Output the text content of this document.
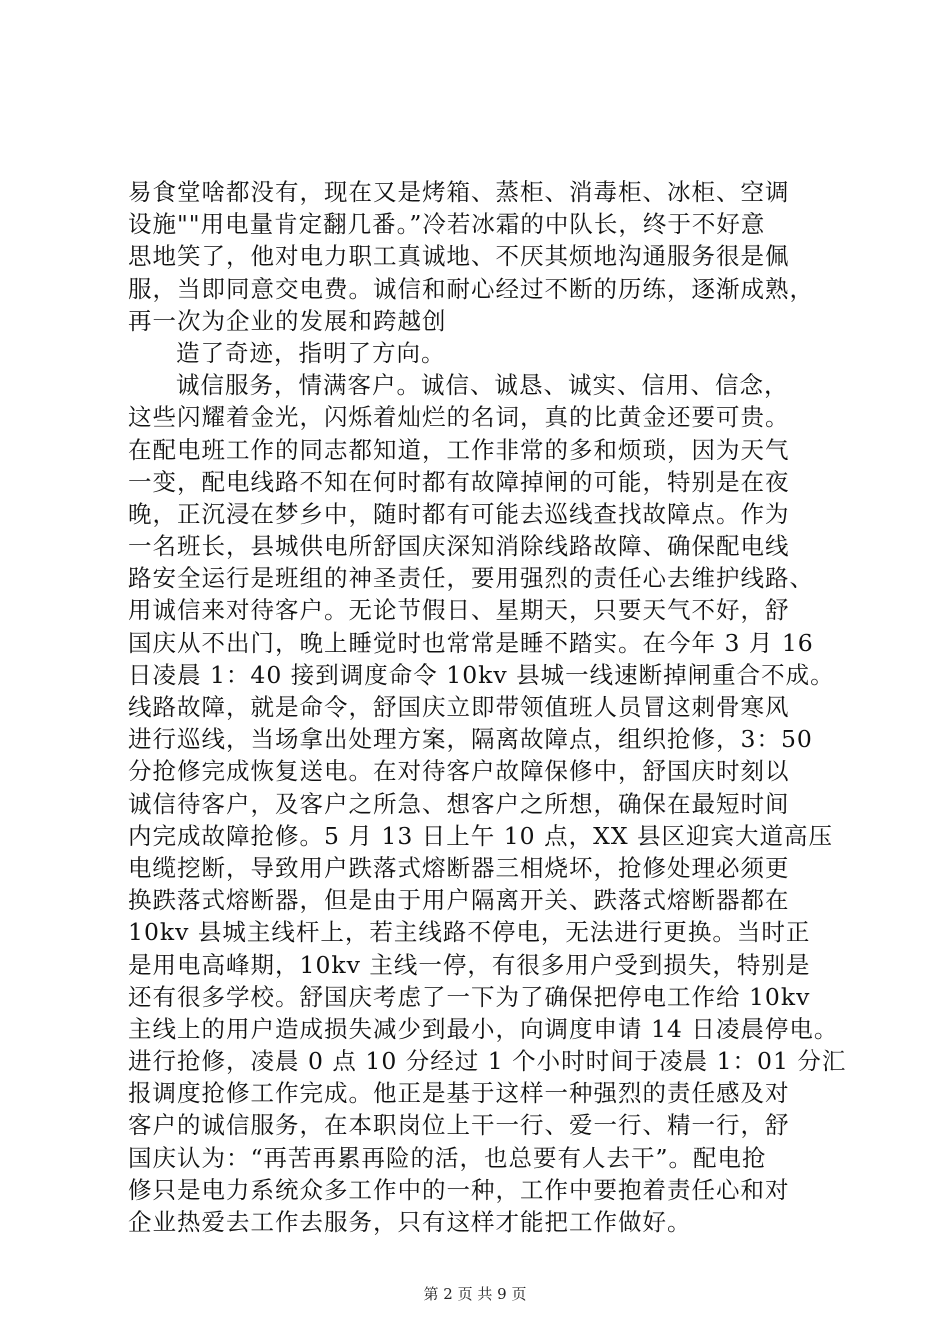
易食堂啥都没有，现在又是烤箱、蒸柜、消毒柜、冰柜、空调
设施""用电量肯定翻几番。”冷若冰霜的中队长，终于不好意
思地笑了，他对电力职工真诚地、不厌其烦地沟通服务很是佩
服，当即同意交电费。诚信和耐心经过不断的历练，逐渐成熟，
再一次为企业的发展和跨越创
造了奇迹，指明了方向。
诚信服务，情满客户。诚信、诚恳、诚实、信用、信念，
这些闪耀着金光，闪烁着灿烂的名词，真的比黄金还要可贵。
在配电班工作的同志都知道，工作非常的多和烦琐，因为天气
一变，配电线路不知在何时都有故障掉闸的可能，特别是在夜
晚，正沉浸在梦乡中，随时都有可能去巡线查找故障点。作为
一名班长，县城供电所舒国庆深知消除线路故障、确保配电线
路安全运行是班组的神圣责任，要用强烈的责任心去维护线路、
用诚信来对待客户。无论节假日、星期天，只要天气不好，舒
国庆从不出门，晚上睡觉时也常常是睡不踏实。在今年 3 月 16
日凌晨 1：40 接到调度命令 10kv 县城一线速断掉闸重合不成。
线路故障，就是命令，舒国庆立即带领值班人员冒这刺骨寒风
进行巡线，当场拿出处理方案，隔离故障点，组织抢修，3：50
分抢修完成恢复送电。在对待客户故障保修中，舒国庆时刻以
诚信待客户，及客户之所急、想客户之所想，确保在最短时间
内完成故障抢修。5 月 13 日上午 10 点，XX 县区迎宾大道高压
电缆挖断，导致用户跌落式熔断器三相烧坏，抢修处理必须更
换跌落式熔断器，但是由于用户隔离开关、跌落式熔断器都在
10kv 县城主线杆上，若主线路不停电，无法进行更换。当时正
是用电高峰期，10kv 主线一停，有很多用户受到损失，特别是
还有很多学校。舒国庆考虑了一下为了确保把停电工作给 10kv
主线上的用户造成损失减少到最小，向调度申请 14 日凌晨停电。
进行抢修，凌晨 0 点 10 分经过 1 个小时时间于凌晨 1：01 分汇
报调度抢修工作完成。他正是基于这样一种强烈的责任感及对
客户的诚信服务，在本职岗位上干一行、爱一行、精一行，舒
国庆认为：“再苦再累再险的活，也总要有人去干”。配电抢
修只是电力系统众多工作中的一种，工作中要抱着责任心和对
企业热爱去工作去服务，只有这样才能把工作做好。
第 2 页 共 9 页
